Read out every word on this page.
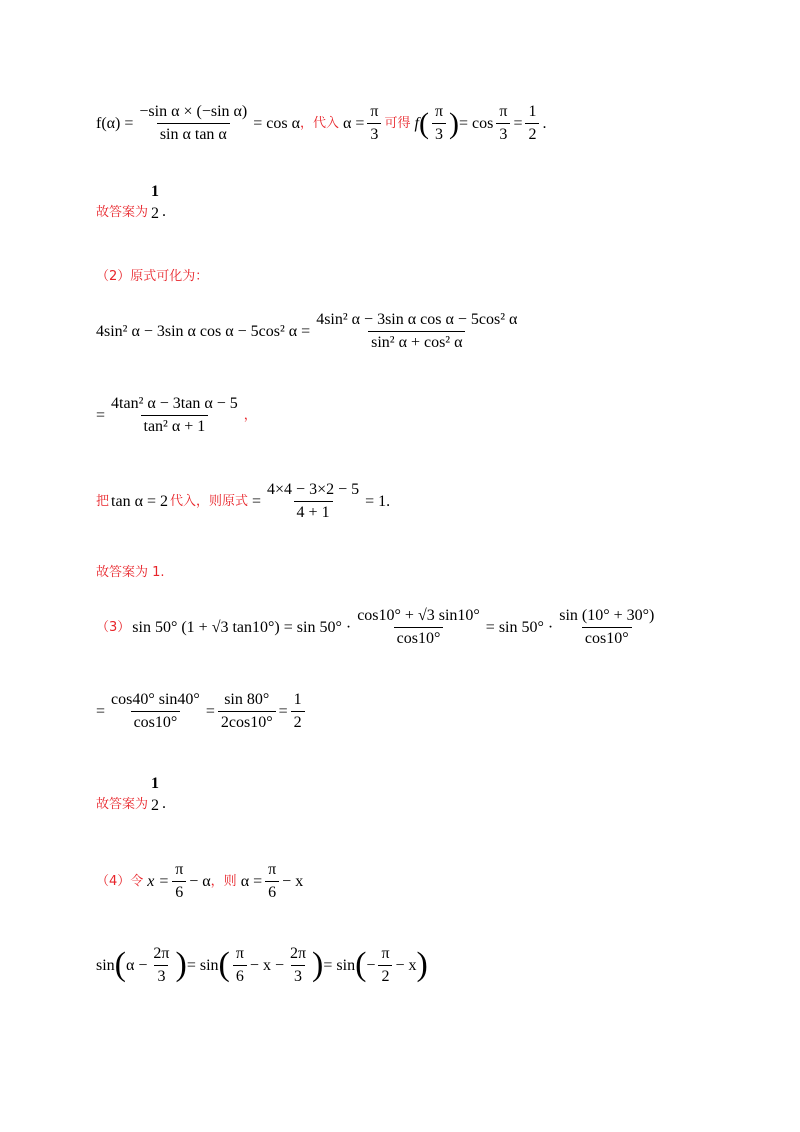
$f(\alpha) = \frac{\text{−sin α × (−sin α)}}{\text{sin α tan α}} = \cos \alpha$ ，代入 $\alpha = \frac{\pi}{3}$ 可得 f ( $\frac{\pi}{3}$ ) = $\cos \frac{\pi}{3} = \frac{1}{2}$ .
故答案为
1
2 .
（2）原式可化为：
4sin² α − 3sin α cos α − 5cos² $\alpha = \frac{\text{4sin² α − 3sin α cos α − 5cos² α}}{\text{sin² α + cos² α}}$
= $\frac{\text{4tan² α − 3tan α − 5}}{\text{tan² α + 1}}$ ，
把 tan α = 2 代入，则原式 = $\frac{4\times 4 - 3\times 2 - 5}{4 + 1} = 1$ .
故答案为 1.
（3） sin 50° (1 + √3 $\tan 10^\circ) = \sin 50^\circ \cdot \frac{\cos 10^\circ + √3 \sin 10^\circ}{\cos 10^\circ} = \sin 50^\circ \cdot \frac{\sin (10^\circ + 30^\circ)}{\cos 10^\circ}$
= $\frac{\cos 40^\circ \sin 40^\circ}{\cos 10^\circ} = \frac{\sin 80^\circ}{2\cos 10^\circ} = \frac{1}{2}$
故答案为
1
2 .
（4）令 $x = \frac{\pi}{6} - \alpha$ ，则 $\alpha = \frac{\pi}{6} - x$
sin ( $\alpha - \frac{2\pi}{3}$ ) = sin ( $\frac{\pi}{6} - x - \frac{2\pi}{3}$ ) = sin ( − $\frac{\pi}{2} - x$ )
